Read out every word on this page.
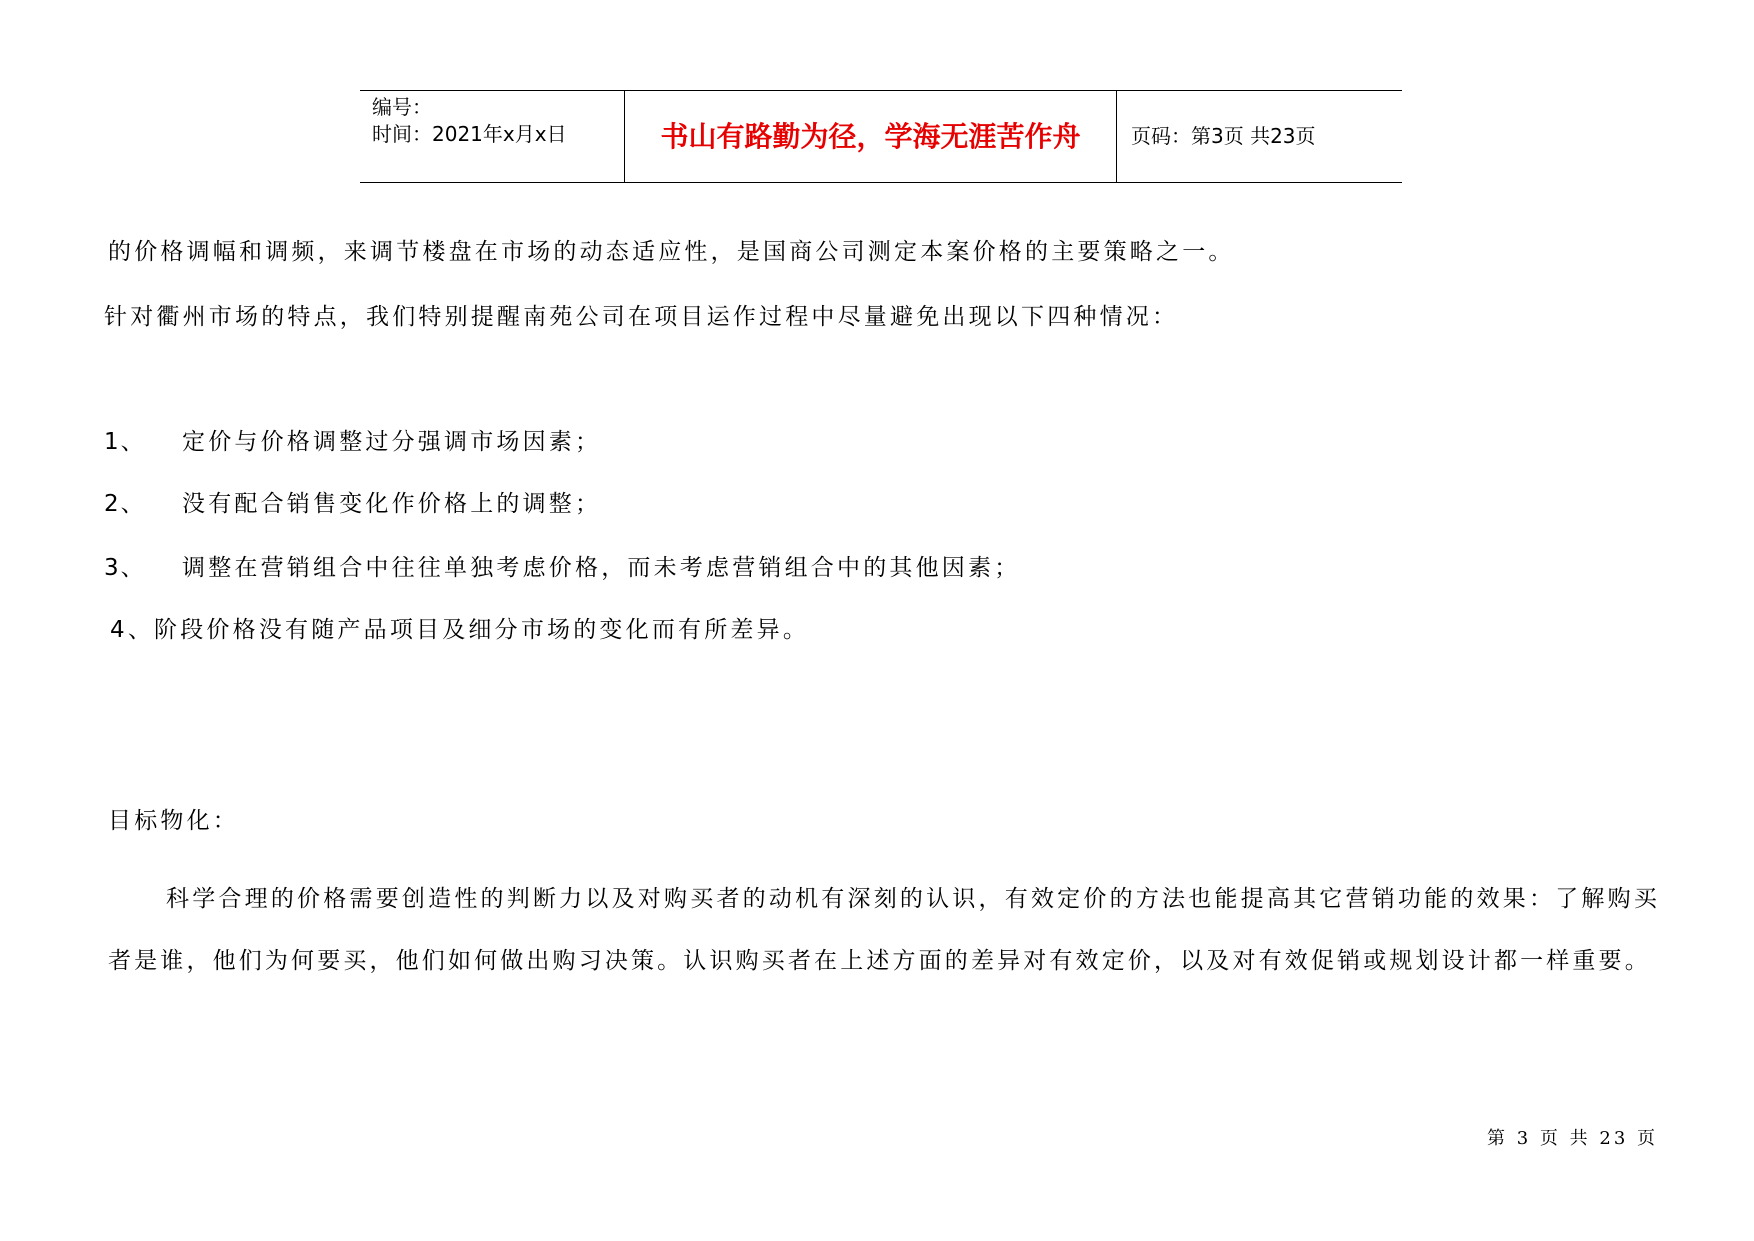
编号：
时间：2021年x月x日	书山有路勤为径，学海无涯苦作舟	页码：第3页 共23页
的价格调幅和调频，来调节楼盘在市场的动态适应性，是国商公司测定本案价格的主要策略之一。
针对衢州市场的特点，我们特别提醒南苑公司在项目运作过程中尽量避免出现以下四种情况：
1、 定价与价格调整过分强调市场因素；
2、 没有配合销售变化作价格上的调整；
3、 调整在营销组合中往往单独考虑价格，而未考虑营销组合中的其他因素；
4、阶段价格没有随产品项目及细分市场的变化而有所差异。
目标物化：
科学合理的价格需要创造性的判断力以及对购买者的动机有深刻的认识，有效定价的方法也能提高其它营销功能的效果：了解购买者是谁，他们为何要买，他们如何做出购习决策。认识购买者在上述方面的差异对有效定价，以及对有效促销或规划设计都一样重要。
第 3 页 共 23 页
